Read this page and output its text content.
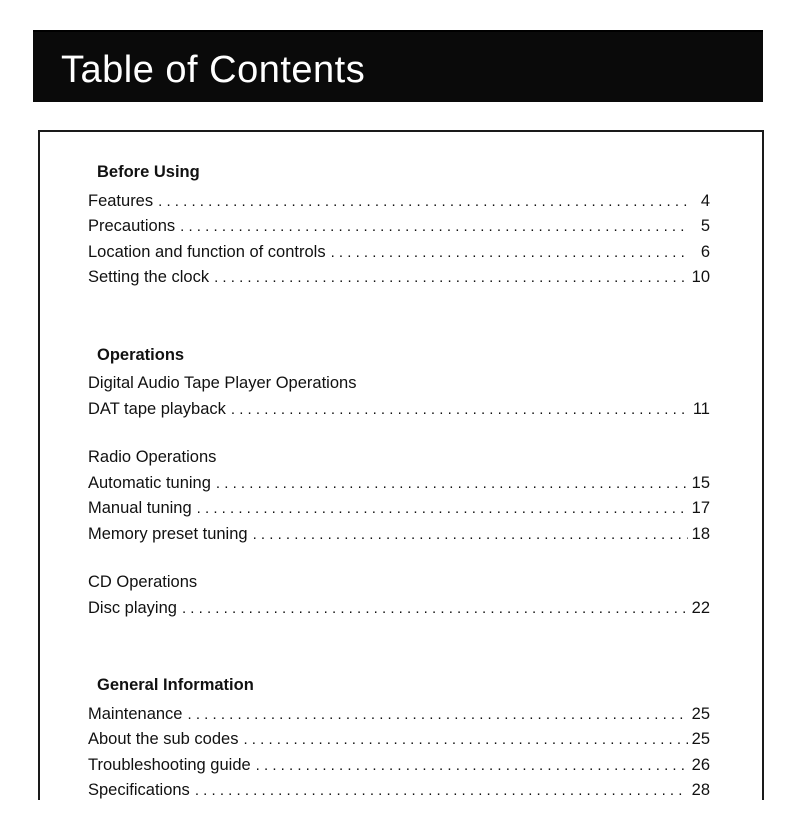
Table of Contents
Before Using
Features . . .	4
Precautions . . .	5
Location and function of controls . . .	6
Setting the clock . . .	10
Operations
Digital Audio Tape Player Operations
DAT tape playback . . .	11
Radio Operations
Automatic tuning . . .	15
Manual tuning . . .	17
Memory preset tuning . . .	18
CD Operations
Disc playing . . .	22
General Information
Maintenance . . .	25
About the sub codes . . .	25
Troubleshooting guide . . .	26
Specifications . . .	28
